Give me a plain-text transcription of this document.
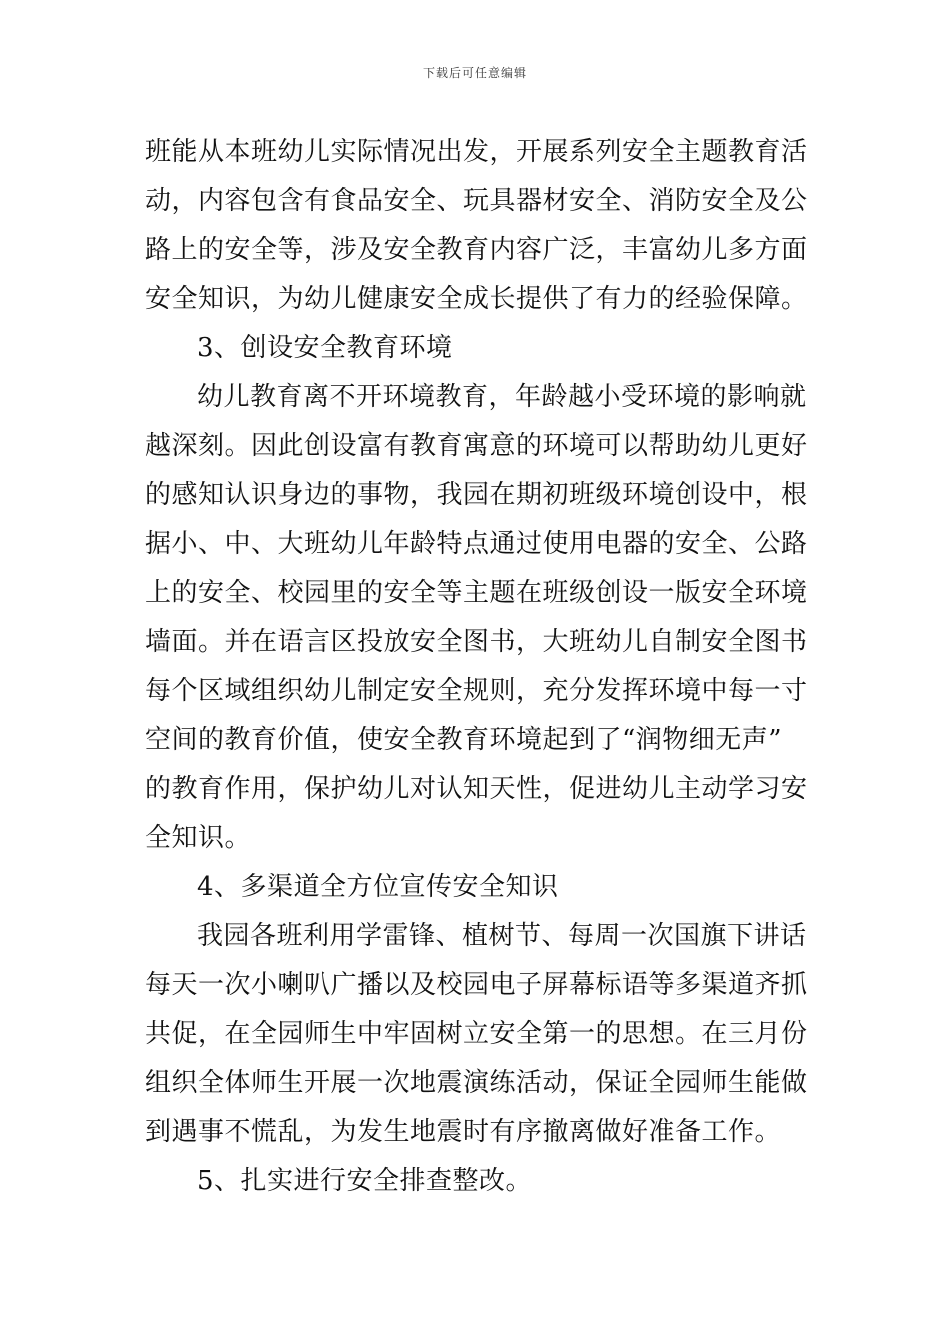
下载后可任意编辑
班能从本班幼儿实际情况出发，开展系列安全主题教育活
动，内容包含有食品安全、玩具器材安全、消防安全及公
路上的安全等，涉及安全教育内容广泛，丰富幼儿多方面
安全知识，为幼儿健康安全成长提供了有力的经验保障。
3、创设安全教育环境
幼儿教育离不开环境教育，年龄越小受环境的影响就
越深刻。因此创设富有教育寓意的环境可以帮助幼儿更好
的感知认识身边的事物，我园在期初班级环境创设中，根
据小、中、大班幼儿年龄特点通过使用电器的安全、公路
上的安全、校园里的安全等主题在班级创设一版安全环境
墙面。并在语言区投放安全图书，大班幼儿自制安全图书
每个区域组织幼儿制定安全规则，充分发挥环境中每一寸
空间的教育价值，使安全教育环境起到了“润物细无声”
的教育作用，保护幼儿对认知天性，促进幼儿主动学习安
全知识。
4、多渠道全方位宣传安全知识
我园各班利用学雷锋、植树节、每周一次国旗下讲话
每天一次小喇叭广播以及校园电子屏幕标语等多渠道齐抓
共促，在全园师生中牢固树立安全第一的思想。在三月份
组织全体师生开展一次地震演练活动，保证全园师生能做
到遇事不慌乱，为发生地震时有序撤离做好准备工作。
5、扎实进行安全排查整改。
